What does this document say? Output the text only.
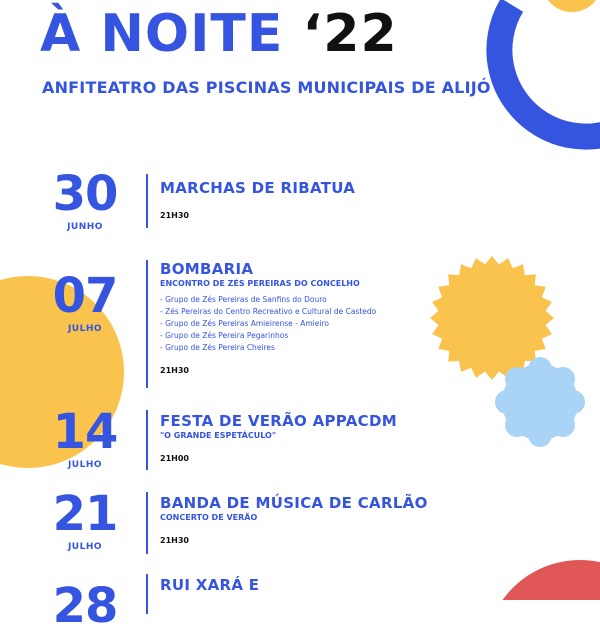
À NOITE ‘22
ANFITEATRO DAS PISCINAS MUNICIPAIS DE ALIJÓ
30
JUNHO
MARCHAS DE RIBATUA
21H30
07
JULHO
BOMBARIA
ENCONTRO DE ZÉS PEREIRAS DO CONCELHO
- Grupo de Zés Pereiras de Sanfins do Douro
- Zés Pereiras do Centro Recreativo e Cultural de Castedo
- Grupo de Zés Pereiras Amieirense - Amieiro
- Grupo de Zés Pereira Pegarinhos
- Grupo de Zés Pereira Cheires
21H30
14
JULHO
FESTA DE VERÃO APPACDM
"O GRANDE ESPETÁCULO"
21H00
21
JULHO
BANDA DE MÚSICA DE CARLÃO
CONCERTO DE VERÃO
21H30
28	RUI XARÁ E
